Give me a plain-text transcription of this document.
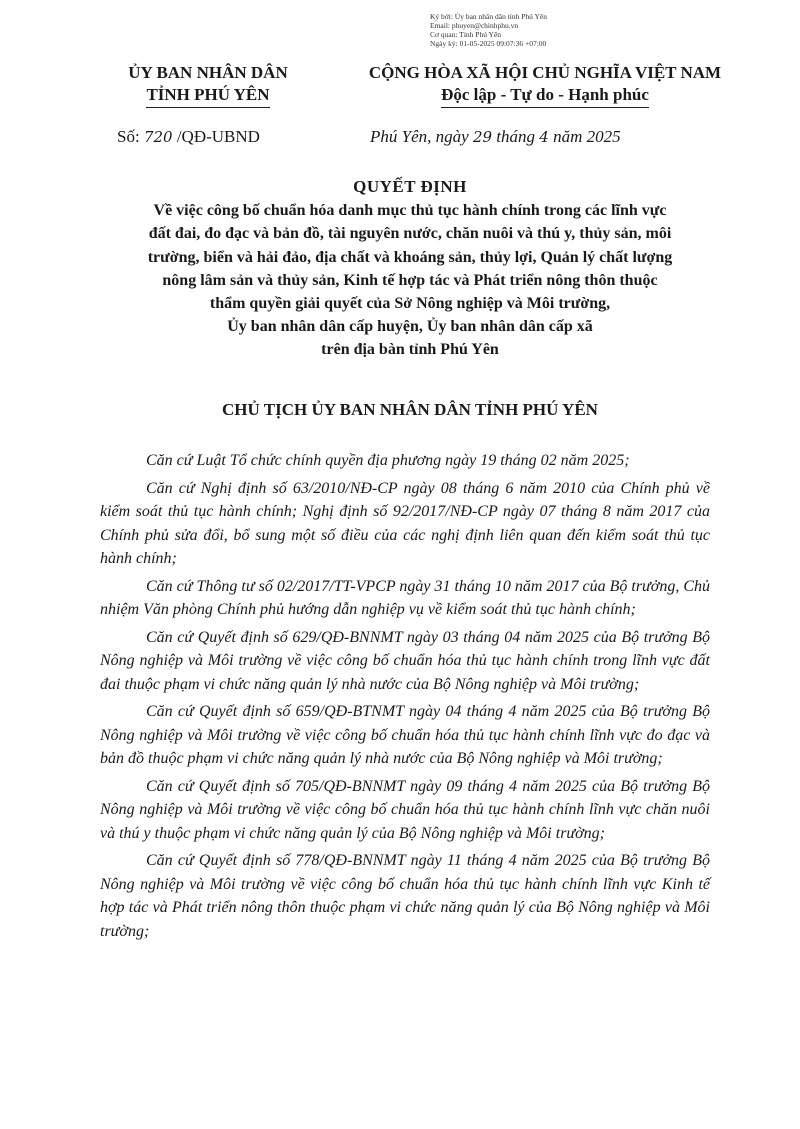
Ký bởi: Ủy ban nhân dân tỉnh Phú Yên
Email: phuyen@chinhphu.vn
Cơ quan: Tỉnh Phú Yên
Ngày ký: 01-05-2025 09:07:36 +07:00
ỦY BAN NHÂN DÂN
TỈNH PHÚ YÊN
CỘNG HÒA XÃ HỘI CHỦ NGHĨA VIỆT NAM
Độc lập - Tự do - Hạnh phúc
Số: 720 /QĐ-UBND	Phú Yên, ngày 29 tháng 4 năm 2025
QUYẾT ĐỊNH
Về việc công bố chuẩn hóa danh mục thủ tục hành chính trong các lĩnh vực
đất đai, đo đạc và bản đồ, tài nguyên nước, chăn nuôi và thú y, thủy sản, môi
trường, biển và hải đảo, địa chất và khoáng sản, thủy lợi, Quản lý chất lượng
nông lâm sản và thủy sản, Kinh tế hợp tác và Phát triển nông thôn thuộc
thẩm quyền giải quyết của Sở Nông nghiệp và Môi trường,
Ủy ban nhân dân cấp huyện, Ủy ban nhân dân cấp xã
trên địa bàn tỉnh Phú Yên
CHỦ TỊCH ỦY BAN NHÂN DÂN TỈNH PHÚ YÊN

Căn cứ Luật Tổ chức chính quyền địa phương ngày 19 tháng 02 năm 2025;

Căn cứ Nghị định số 63/2010/NĐ-CP ngày 08 tháng 6 năm 2010 của Chính phủ về kiểm soát thủ tục hành chính; Nghị định số 92/2017/NĐ-CP ngày 07 tháng 8 năm 2017 của Chính phủ sửa đổi, bổ sung một số điều của các nghị định liên quan đến kiểm soát thủ tục hành chính;

Căn cứ Thông tư số 02/2017/TT-VPCP ngày 31 tháng 10 năm 2017 của Bộ trưởng, Chủ nhiệm Văn phòng Chính phủ hướng dẫn nghiệp vụ về kiểm soát thủ tục hành chính;

Căn cứ Quyết định số 629/QĐ-BNNMT ngày 03 tháng 04 năm 2025 của Bộ trưởng Bộ Nông nghiệp và Môi trường về việc công bố chuẩn hóa thủ tục hành chính trong lĩnh vực đất đai thuộc phạm vi chức năng quản lý nhà nước của Bộ Nông nghiệp và Môi trường;

Căn cứ Quyết định số 659/QĐ-BTNMT ngày 04 tháng 4 năm 2025 của Bộ trưởng Bộ Nông nghiệp và Môi trường về việc công bố chuẩn hóa thủ tục hành chính lĩnh vực đo đạc và bản đồ thuộc phạm vi chức năng quản lý nhà nước của Bộ Nông nghiệp và Môi trường;

Căn cứ Quyết định số 705/QĐ-BNNMT ngày 09 tháng 4 năm 2025 của Bộ trưởng Bộ Nông nghiệp và Môi trường về việc công bố chuẩn hóa thủ tục hành chính lĩnh vực chăn nuôi và thú y thuộc phạm vi chức năng quản lý của Bộ Nông nghiệp và Môi trường;

Căn cứ Quyết định số 778/QĐ-BNNMT ngày 11 tháng 4 năm 2025 của Bộ trưởng Bộ Nông nghiệp và Môi trường về việc công bố chuẩn hóa thủ tục hành chính lĩnh vực Kinh tế hợp tác và Phát triển nông thôn thuộc phạm vi chức năng quản lý của Bộ Nông nghiệp và Môi trường;
